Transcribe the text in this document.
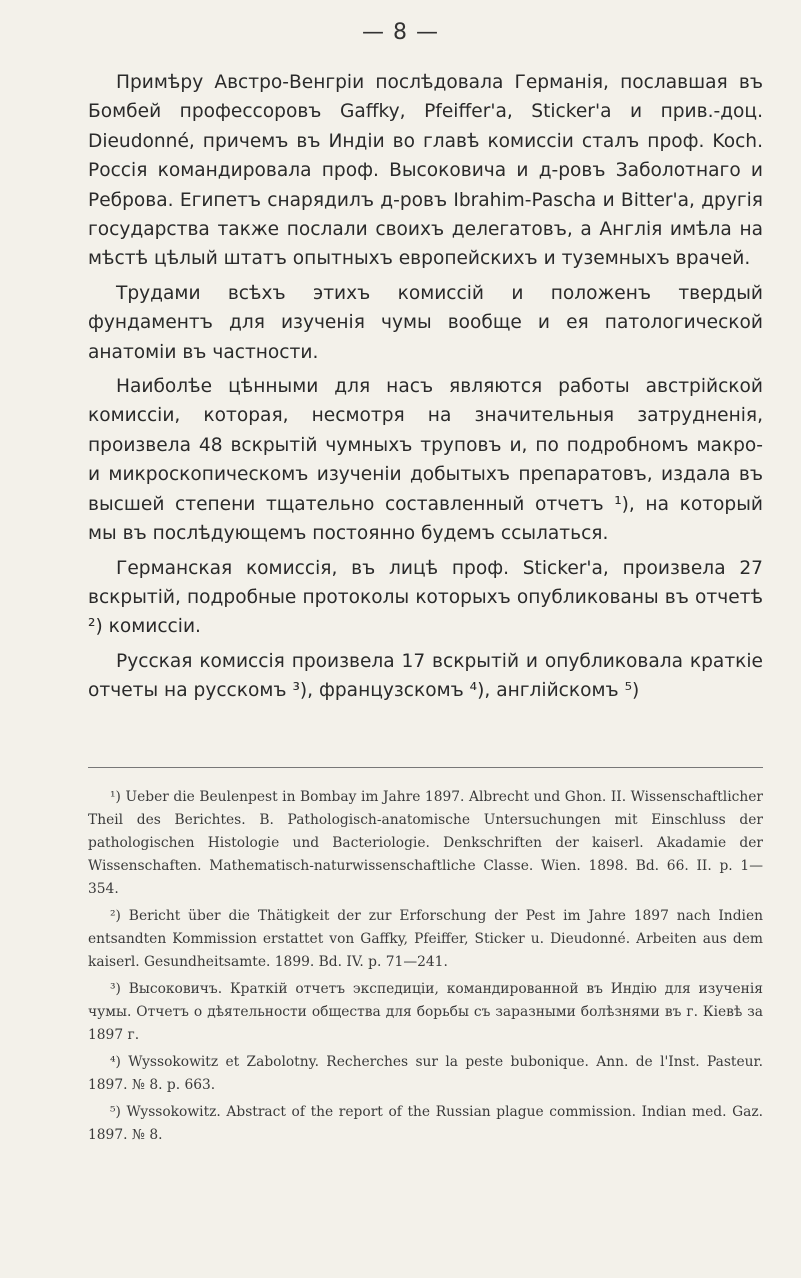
— 8 —

Примѣру Австро-Венгріи послѣдовала Германія, пославшая въ Бомбей профессоровъ Gaffky, Pfeiffer'а, Sticker'а и прив.-доц. Dieudonné, причемъ въ Индіи во главѣ комиссіи сталъ проф. Koch. Россія командировала проф. Высоковича и д-ровъ Заболотнаго и Реброва. Египетъ снарядилъ д-ровъ Ibrahim-Pascha и Bitter'а, другія государства также послали своихъ делегатовъ, а Англія имѣла на мѣстѣ цѣлый штатъ опытныхъ европейскихъ и туземныхъ врачей.

Трудами всѣхъ этихъ комиссій и положенъ твердый фундаментъ для изученія чумы вообще и ея патологической анатоміи въ частности.

Наиболѣе цѣнными для насъ являются работы австрійской комиссіи, которая, несмотря на значительныя затрудненія, произвела 48 вскрытій чумныхъ труповъ и, по подробномъ макро- и микроскопическомъ изученіи добытыхъ препаратовъ, издала въ высшей степени тщательно составленный отчетъ ¹), на который мы въ послѣдующемъ постоянно будемъ ссылаться.

Германская комиссія, въ лицѣ проф. Sticker'а, произвела 27 вскрытій, подробные протоколы которыхъ опубликованы въ отчетѣ ²) комиссіи.

Русская комиссія произвела 17 вскрытій и опубликовала краткіе отчеты на русскомъ ³), французскомъ ⁴), англійскомъ ⁵)

¹) Ueber die Beulenpest in Bombay im Jahre 1897. Albrecht und Ghon. II. Wissenschaftlicher Theil des Berichtes. B. Pathologisch-anatomische Untersuchungen mit Einschluss der pathologischen Histologie und Bacteriologie. Denkschriften der kaiserl. Akadamie der Wissenschaften. Mathematisch-naturwissenschaftliche Classe. Wien. 1898. Bd. 66. II. p. 1—354.

²) Bericht über die Thätigkeit der zur Erforschung der Pest im Jahre 1897 nach Indien entsandten Kommission erstattet von Gaffky, Pfeiffer, Sticker u. Dieudonné. Arbeiten aus dem kaiserl. Gesundheitsamte. 1899. Bd. IV. p. 71—241.

³) Высоковичъ. Краткій отчетъ экспедиціи, командированной въ Индію для изученія чумы. Отчетъ о дѣятельности общества для борьбы съ заразными болѣзнями въ г. Кіевѣ за 1897 г.

⁴) Wyssokowitz et Zabolotny. Recherches sur la peste bubonique. Ann. de l'Inst. Pasteur. 1897. № 8. p. 663.

⁵) Wyssokowitz. Abstract of the report of the Russian plague commission. Indian med. Gaz. 1897. № 8.
